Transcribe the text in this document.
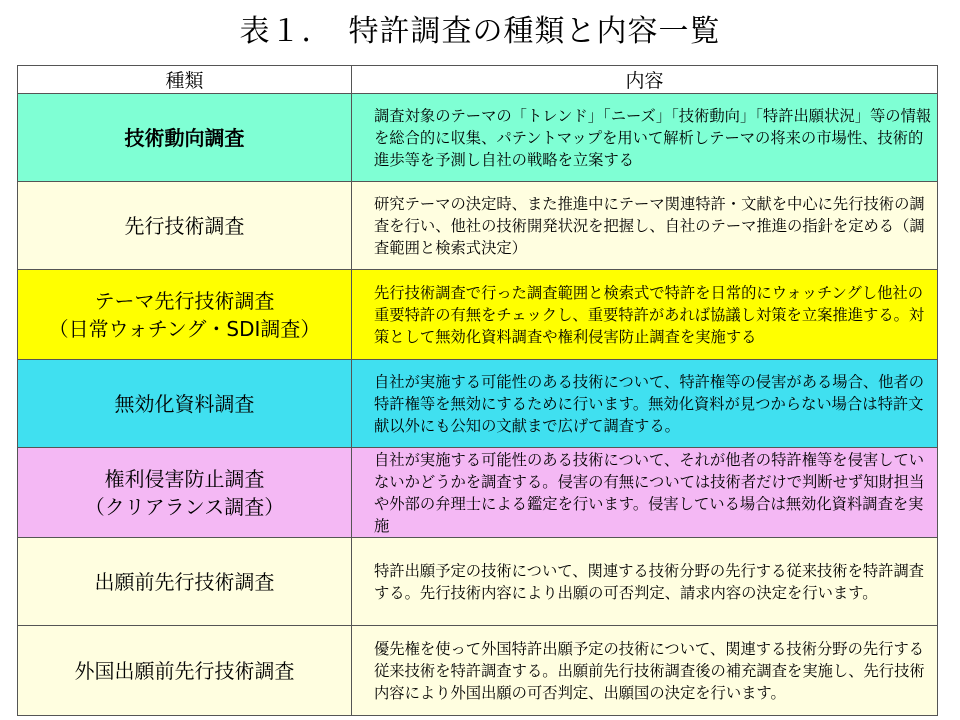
表１．　特許調査の種類と内容一覧
種類	内容

技術動向調査	調査対象のテーマの「トレンド」「ニーズ」「技術動向」「特許出願状況」等の情報を総合的に収集、パテントマップを用いて解析しテーマの将来の市場性、技術的進歩等を予測し自社の戦略を立案する

先行技術調査	研究テーマの決定時、また推進中にテーマ関連特許・文献を中心に先行技術の調査を行い、他社の技術開発状況を把握し、自社のテーマ推進の指針を定める（調査範囲と検索式決定）

テーマ先行技術調査
（日常ウォチング・SDI調査）	先行技術調査で行った調査範囲と検索式で特許を日常的にウォッチングし他社の重要特許の有無をチェックし、重要特許があれば協議し対策を立案推進する。対策として無効化資料調査や権利侵害防止調査を実施する

無効化資料調査	自社が実施する可能性のある技術について、特許権等の侵害がある場合、他者の特許権等を無効にするために行います。無効化資料が見つからない場合は特許文献以外にも公知の文献まで広げて調査する。

権利侵害防止調査
（クリアランス調査）	自社が実施する可能性のある技術について、それが他者の特許権等を侵害していないかどうかを調査する。侵害の有無については技術者だけで判断せず知財担当や外部の弁理士による鑑定を行います。侵害している場合は無効化資料調査を実施

出願前先行技術調査	特許出願予定の技術について、関連する技術分野の先行する従来技術を特許調査する。先行技術内容により出願の可否判定、請求内容の決定を行います。

外国出願前先行技術調査	優先権を使って外国特許出願予定の技術について、関連する技術分野の先行する従来技術を特許調査する。出願前先行技術調査後の補充調査を実施し、先行技術内容により外国出願の可否判定、出願国の決定を行います。
